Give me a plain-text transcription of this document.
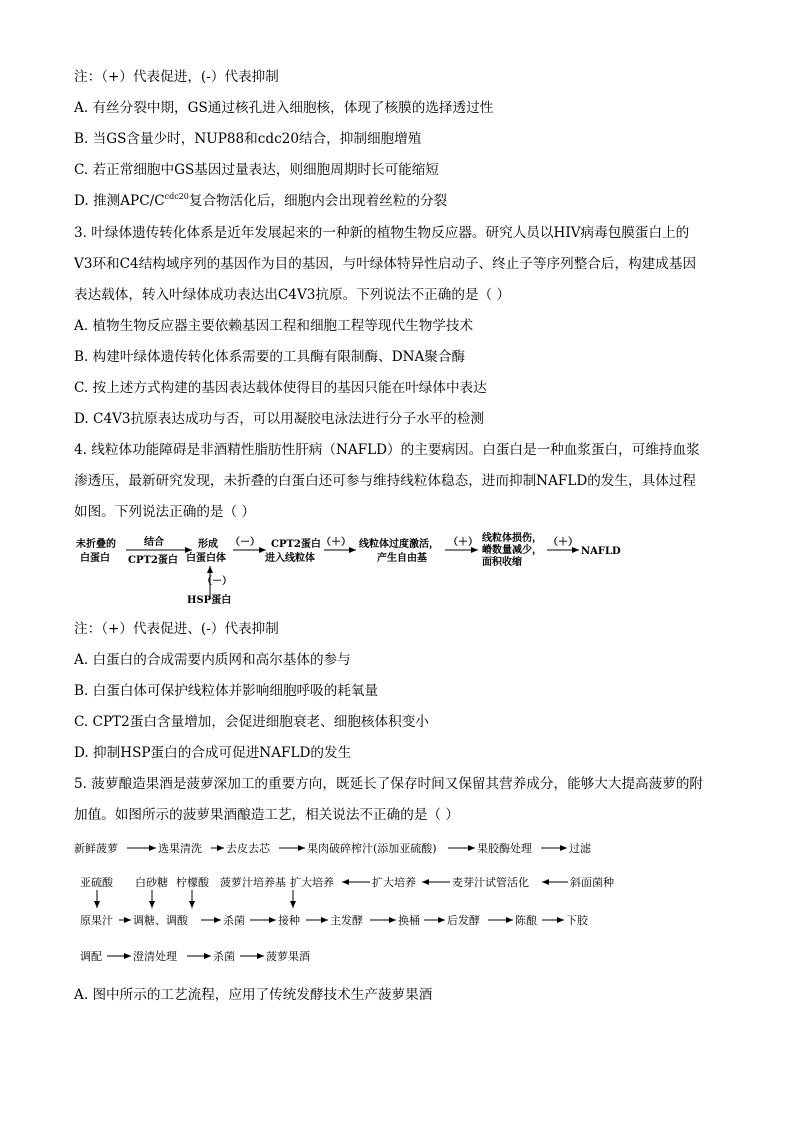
注：（+）代表促进，(-）代表抑制
A. 有丝分裂中期，GS通过核孔进入细胞核，体现了核膜的选择透过性
B. 当GS含量少时，NUP88和cdc20结合，抑制细胞增殖
C. 若正常细胞中GS基因过量表达，则细胞周期时长可能缩短
D. 推测APC/$C^{cdc20}$复合物活化后，细胞内会出现着丝粒的分裂
3. 叶绿体遗传转化体系是近年发展起来的一种新的植物生物反应器。研究人员以HIV病毒包膜蛋白上的
V3环和C4结构域序列的基因作为目的基因，与叶绿体特异性启动子、终止子等序列整合后，构建成基因
表达载体，转入叶绿体成功表达出C4V3抗原。下列说法不正确的是（ ）
A. 植物生物反应器主要依赖基因工程和细胞工程等现代生物学技术
B. 构建叶绿体遗传转化体系需要的工具酶有限制酶、DNA聚合酶
C. 按上述方式构建的基因表达载体使得目的基因只能在叶绿体中表达
D. C4V3抗原表达成功与否，可以用凝胶电泳法进行分子水平的检测
4. 线粒体功能障碍是非酒精性脂肪性肝病（NAFLD）的主要病因。白蛋白是一种血浆蛋白，可维持血浆
渗透压，最新研究发现，未折叠的白蛋白还可参与维持线粒体稳态，进而抑制NAFLD的发生，具体过程
如图。下列说法正确的是（ ）
未折叠的
白蛋白
结合
CPT2蛋白
形成
白蛋白体
（－） CPT2蛋白
进入线粒体
（＋） 线粒体过度激活，
产生自由基
（＋） 线粒体损伤，
嵴数量减少，
面积收缩
（＋）
NAFLD
（－）
HSP蛋白
注：（+）代表促进、(-）代表抑制
A. 白蛋白的合成需要内质网和高尔基体的参与
B. 白蛋白体可保护线粒体并影响细胞呼吸的耗氧量
C. CPT2蛋白含量增加，会促进细胞衰老、细胞核体积变小
D. 抑制HSP蛋白的合成可促进NAFLD的发生
5. 菠萝酿造果酒是菠萝深加工的重要方向，既延长了保存时间又保留其营养成分，能够大大提高菠萝的附
加值。如图所示的菠萝果酒酿造工艺，相关说法不正确的是（ ）
新鲜菠萝	选果清洗 去皮去芯	果肉破碎榨汁(添加亚硫酸)	果胶酶处理	过滤
亚硫酸 白砂糖 柠檬酸 菠萝汁培养基 扩大培养	扩大培养	麦芽汁试管活化	斜面菌种
原果汁 调糖、调酸	杀菌	接种	主发酵	换桶 后发酵	陈酿	下胶
调配	澄清处理	杀菌	菠萝果酒
A. 图中所示的工艺流程，应用了传统发酵技术生产菠萝果酒
